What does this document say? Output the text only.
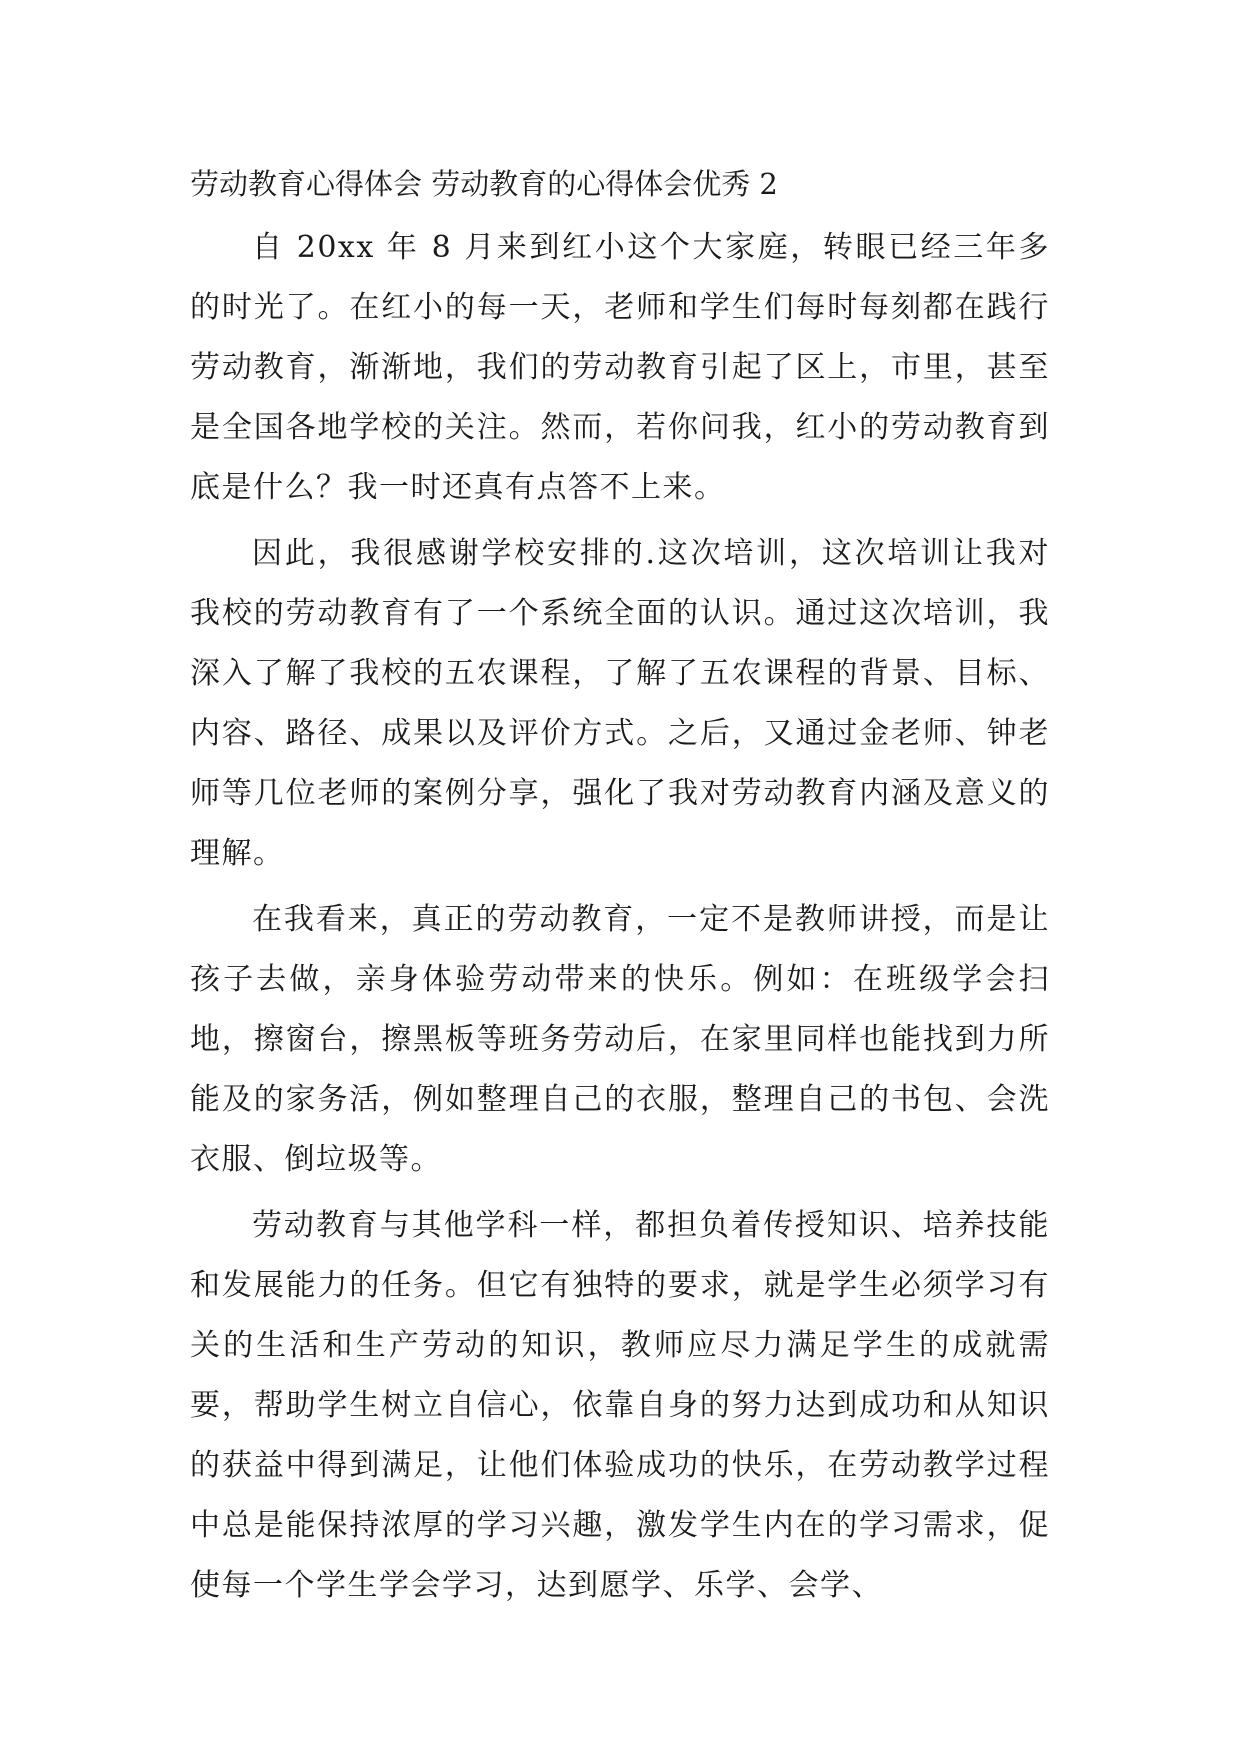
劳动教育心得体会 劳动教育的心得体会优秀 2

自 20xx 年 8 月来到红小这个大家庭，转眼已经三年多的时光了。在红小的每一天，老师和学生们每时每刻都在践行劳动教育，渐渐地，我们的劳动教育引起了区上，市里，甚至是全国各地学校的关注。然而，若你问我，红小的劳动教育到底是什么？我一时还真有点答不上来。

因此，我很感谢学校安排的.这次培训，这次培训让我对我校的劳动教育有了一个系统全面的认识。通过这次培训，我深入了解了我校的五农课程，了解了五农课程的背景、目标、内容、路径、成果以及评价方式。之后，又通过金老师、钟老师等几位老师的案例分享，强化了我对劳动教育内涵及意义的理解。

在我看来，真正的劳动教育，一定不是教师讲授，而是让孩子去做，亲身体验劳动带来的快乐。例如：在班级学会扫地，擦窗台，擦黑板等班务劳动后，在家里同样也能找到力所能及的家务活，例如整理自己的衣服，整理自己的书包、会洗衣服、倒垃圾等。

劳动教育与其他学科一样，都担负着传授知识、培养技能和发展能力的任务。但它有独特的要求，就是学生必须学习有关的生活和生产劳动的知识，教师应尽力满足学生的成就需要，帮助学生树立自信心，依靠自身的努力达到成功和从知识的获益中得到满足，让他们体验成功的快乐，在劳动教学过程中总是能保持浓厚的学习兴趣，激发学生内在的学习需求，促使每一个学生学会学习，达到愿学、乐学、会学、
